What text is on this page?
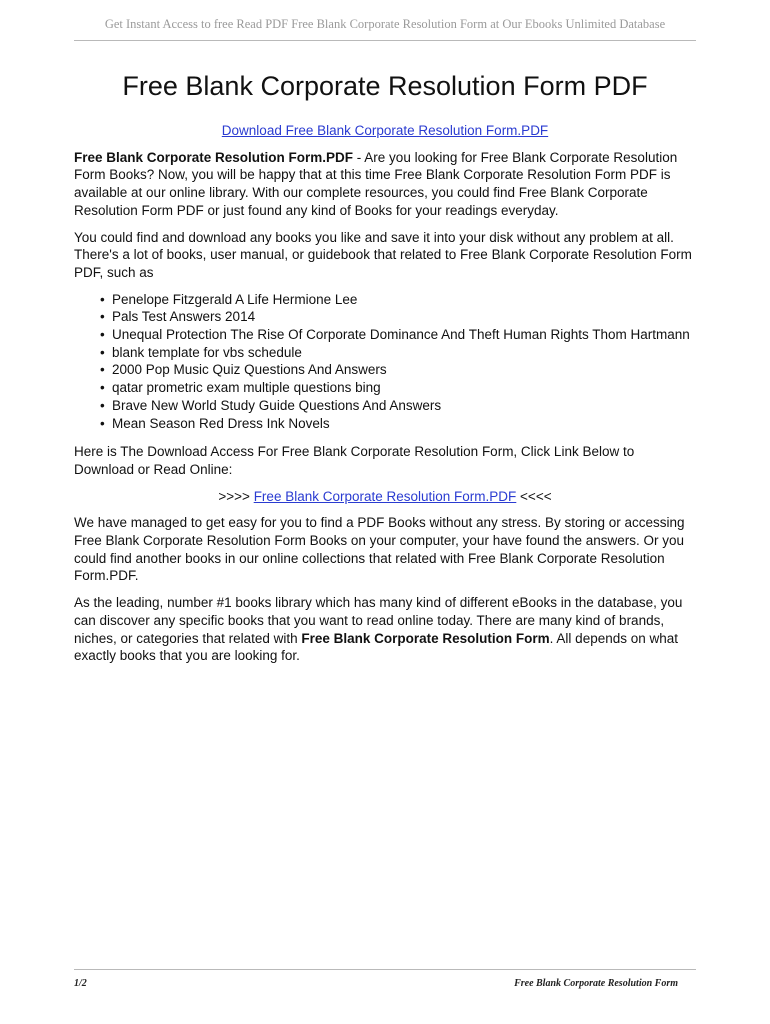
Get Instant Access to free Read PDF Free Blank Corporate Resolution Form at Our Ebooks Unlimited Database
Free Blank Corporate Resolution Form PDF
Download Free Blank Corporate Resolution Form.PDF

Free Blank Corporate Resolution Form.PDF - Are you looking for Free Blank Corporate Resolution Form Books? Now, you will be happy that at this time Free Blank Corporate Resolution Form PDF is available at our online library. With our complete resources, you could find Free Blank Corporate Resolution Form PDF or just found any kind of Books for your readings everyday.

You could find and download any books you like and save it into your disk without any problem at all. There's a lot of books, user manual, or guidebook that related to Free Blank Corporate Resolution Form PDF, such as

• Penelope Fitzgerald A Life Hermione Lee
• Pals Test Answers 2014
• Unequal Protection The Rise Of Corporate Dominance And Theft Human Rights Thom Hartmann
• blank template for vbs schedule
• 2000 Pop Music Quiz Questions And Answers
• qatar prometric exam multiple questions bing
• Brave New World Study Guide Questions And Answers
• Mean Season Red Dress Ink Novels

Here is The Download Access For Free Blank Corporate Resolution Form, Click Link Below to Download or Read Online:

>>>> Free Blank Corporate Resolution Form.PDF <<<<

We have managed to get easy for you to find a PDF Books without any stress. By storing or accessing Free Blank Corporate Resolution Form Books on your computer, your have found the answers. Or you could find another books in our online collections that related with Free Blank Corporate Resolution Form.PDF.

As the leading, number #1 books library which has many kind of different eBooks in the database, you can discover any specific books that you want to read online today. There are many kind of brands, niches, or categories that related with Free Blank Corporate Resolution Form. All depends on what exactly books that you are looking for.

1/2	Free Blank Corporate Resolution Form
